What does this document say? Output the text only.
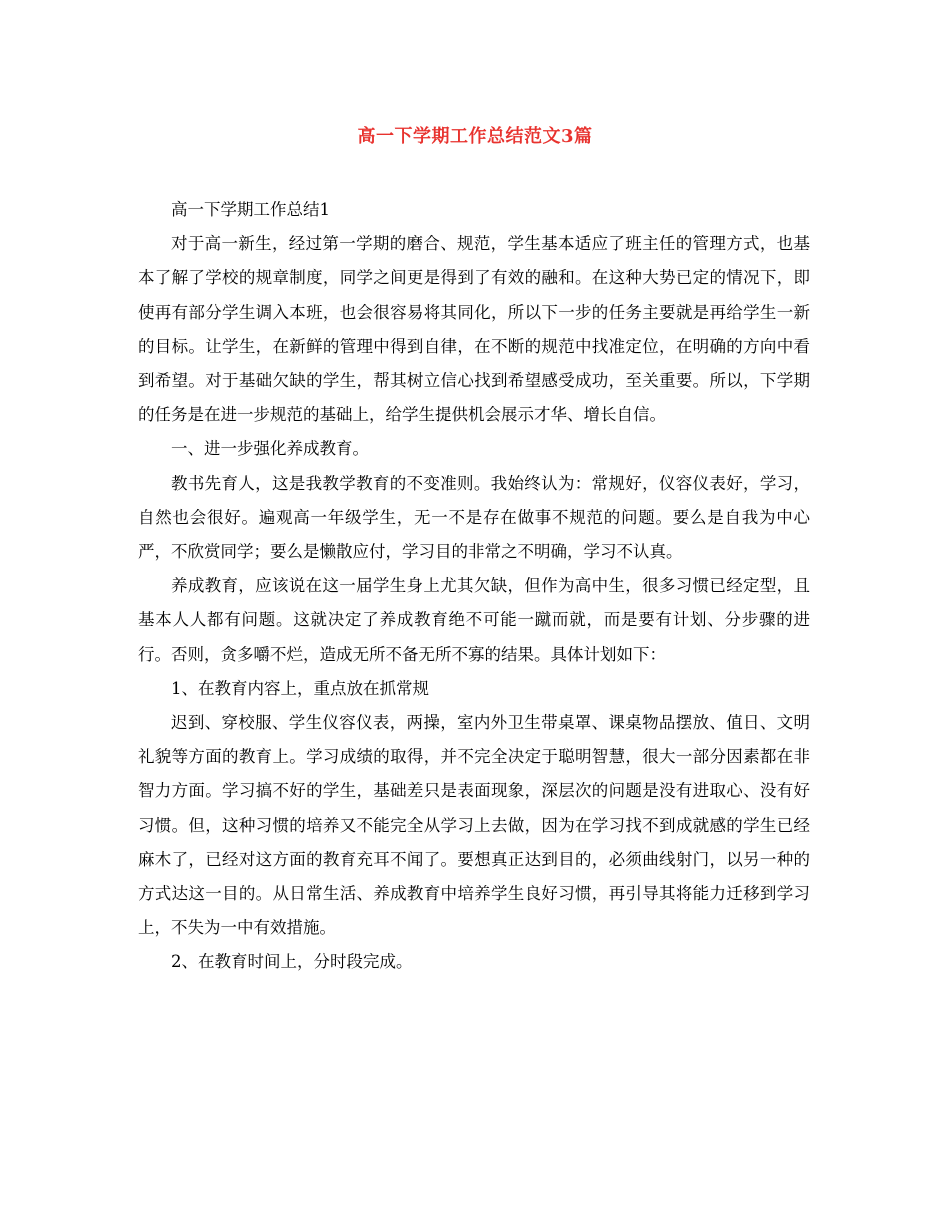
高一下学期工作总结范文3篇

高一下学期工作总结1

对于高一新生，经过第一学期的磨合、规范，学生基本适应了班主任的管理方式，也基本了解了学校的规章制度，同学之间更是得到了有效的融和。在这种大势已定的情况下，即使再有部分学生调入本班，也会很容易将其同化，所以下一步的任务主要就是再给学生一新的目标。让学生，在新鲜的管理中得到自律，在不断的规范中找准定位，在明确的方向中看到希望。对于基础欠缺的学生，帮其树立信心找到希望感受成功，至关重要。所以，下学期的任务是在进一步规范的基础上，给学生提供机会展示才华、增长自信。

一、进一步强化养成教育。

教书先育人，这是我教学教育的不变准则。我始终认为：常规好，仪容仪表好，学习，自然也会很好。遍观高一年级学生，无一不是存在做事不规范的问题。要么是自我为中心严，不欣赏同学；要么是懒散应付，学习目的非常之不明确，学习不认真。

养成教育，应该说在这一届学生身上尤其欠缺，但作为高中生，很多习惯已经定型，且基本人人都有问题。这就决定了养成教育绝不可能一蹴而就，而是要有计划、分步骤的进行。否则，贪多嚼不烂，造成无所不备无所不寡的结果。具体计划如下：

1、在教育内容上，重点放在抓常规

迟到、穿校服、学生仪容仪表，两操，室内外卫生带桌罩、课桌物品摆放、值日、文明礼貌等方面的教育上。学习成绩的取得，并不完全决定于聪明智慧，很大一部分因素都在非智力方面。学习搞不好的学生，基础差只是表面现象，深层次的问题是没有进取心、没有好习惯。但，这种习惯的培养又不能完全从学习上去做，因为在学习找不到成就感的学生已经麻木了，已经对这方面的教育充耳不闻了。要想真正达到目的，必须曲线射门，以另一种的方式达这一目的。从日常生活、养成教育中培养学生良好习惯，再引导其将能力迁移到学习上，不失为一中有效措施。

2、在教育时间上，分时段完成。
